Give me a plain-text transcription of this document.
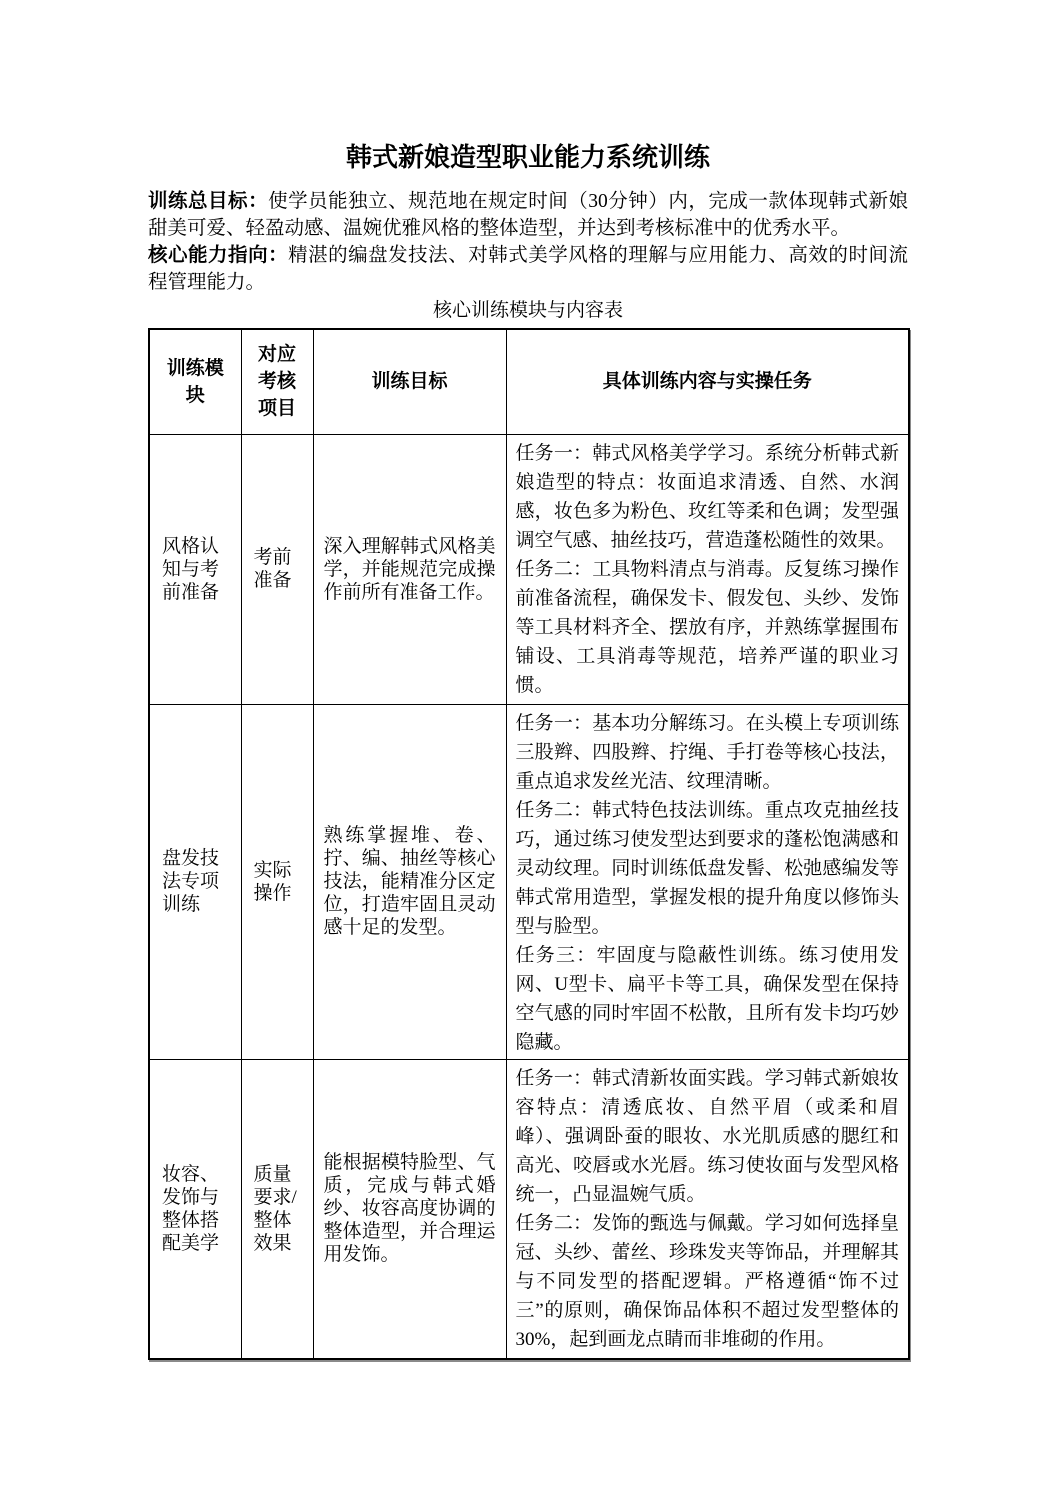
韩式新娘造型职业能力系统训练

训练总目标：使学员能独立、规范地在规定时间（30分钟）内，完成一款体现韩式新娘甜美可爱、轻盈动感、温婉优雅风格的整体造型，并达到考核标准中的优秀水平。

核心能力指向：精湛的编盘发技法、对韩式美学风格的理解与应用能力、高效的时间流程管理能力。

核心训练模块与内容表
训练模块	对应考核项目	训练目标	具体训练内容与实操任务
风格认知与考前准备	考前准备	深入理解韩式风格美学，并能规范完成操作前所有准备工作。	任务一：韩式风格美学学习。系统分析韩式新娘造型的特点：妆面追求清透、自然、水润感，妆色多为粉色、玫红等柔和色调；发型强调空气感、抽丝技巧，营造蓬松随性的效果。
任务二：工具物料清点与消毒。反复练习操作前准备流程，确保发卡、假发包、头纱、发饰等工具材料齐全、摆放有序，并熟练掌握围布铺设、工具消毒等规范，培养严谨的职业习惯。

盘发技法专项训练	实际操作	熟练掌握堆、卷、拧、编、抽丝等核心技法，能精准分区定位，打造牢固且灵动感十足的发型。	任务一：基本功分解练习。在头模上专项训练三股辫、四股辫、拧绳、手打卷等核心技法，重点追求发丝光洁、纹理清晰。
任务二：韩式特色技法训练。重点攻克抽丝技巧，通过练习使发型达到要求的蓬松饱满感和灵动纹理。同时训练低盘发髻、松弛感编发等韩式常用造型，掌握发根的提升角度以修饰头型与脸型。
任务三：牢固度与隐蔽性训练。练习使用发网、U型卡、扁平卡等工具，确保发型在保持空气感的同时牢固不松散，且所有发卡均巧妙隐藏。

妆容、发饰与整体搭配美学	质量要求/整体效果	能根据模特脸型、气质，完成与韩式婚纱、妆容高度协调的整体造型，并合理运用发饰。	任务一：韩式清新妆面实践。学习韩式新娘妆容特点：清透底妆、自然平眉（或柔和眉峰）、强调卧蚕的眼妆、水光肌质感的腮红和高光、咬唇或水光唇。练习使妆面与发型风格统一，凸显温婉气质。
任务二：发饰的甄选与佩戴。学习如何选择皇冠、头纱、蕾丝、珍珠发夹等饰品，并理解其与不同发型的搭配逻辑。严格遵循“饰不过三”的原则，确保饰品体积不超过发型整体的30%，起到画龙点睛而非堆砌的作用。
